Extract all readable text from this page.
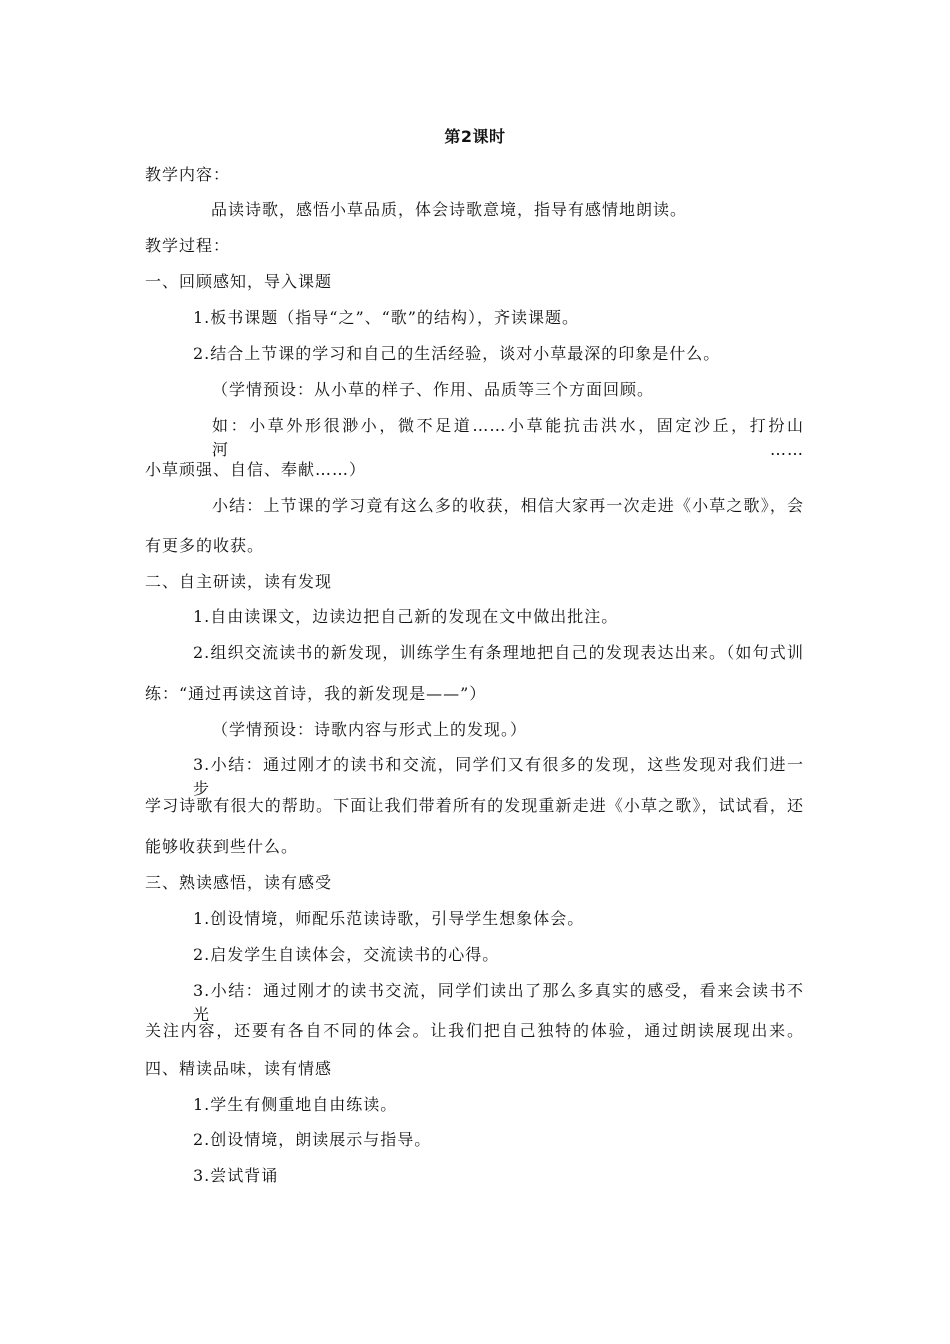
第2课时
教学内容：
品读诗歌，感悟小草品质，体会诗歌意境，指导有感情地朗读。
教学过程：
一、回顾感知，导入课题
1.板书课题（指导“之”、“歌”的结构），齐读课题。
2.结合上节课的学习和自己的生活经验，谈对小草最深的印象是什么。
（学情预设：从小草的样子、作用、品质等三个方面回顾。
如：小草外形很渺小，微不足道……小草能抗击洪水，固定沙丘，打扮山河……
小草顽强、自信、奉献……）
小结：上节课的学习竟有这么多的收获，相信大家再一次走进《小草之歌》，会
有更多的收获。
二、自主研读，读有发现
1.自由读课文，边读边把自己新的发现在文中做出批注。
2.组织交流读书的新发现，训练学生有条理地把自己的发现表达出来。（如句式训
练：“通过再读这首诗，我的新发现是——”）
（学情预设：诗歌内容与形式上的发现。）
3.小结：通过刚才的读书和交流，同学们又有很多的发现，这些发现对我们进一步
学习诗歌有很大的帮助。下面让我们带着所有的发现重新走进《小草之歌》，试试看，还
能够收获到些什么。
三、熟读感悟，读有感受
1.创设情境，师配乐范读诗歌，引导学生想象体会。
2.启发学生自读体会，交流读书的心得。
3.小结：通过刚才的读书交流，同学们读出了那么多真实的感受，看来会读书不光
关注内容，还要有各自不同的体会。让我们把自己独特的体验，通过朗读展现出来。
四、精读品味，读有情感
1.学生有侧重地自由练读。
2.创设情境，朗读展示与指导。
3.尝试背诵
